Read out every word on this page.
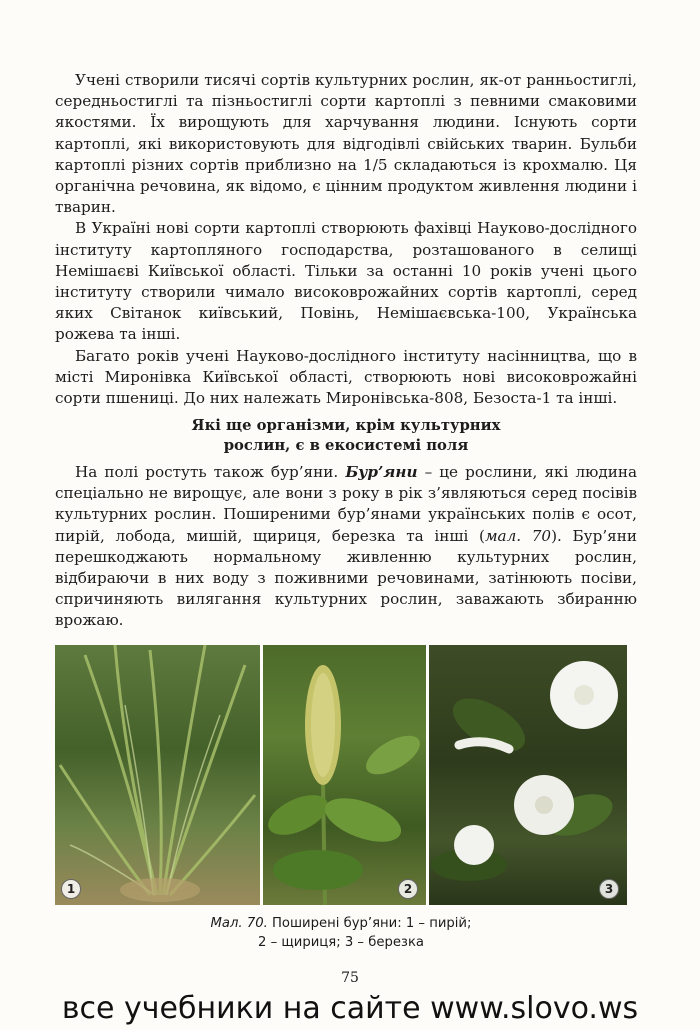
Учені створили тисячі сортів культурних рослин, як-от ранньостиглі, середньостиглі та пізньостиглі сорти картоплі з певними смаковими якостями. Їх вирощують для харчування людини. Існують сорти картоплі, які використовують для відгодівлі свійських тварин. Бульби картоплі різних сортів приблизно на 1/5 складаються із крохмалю. Ця органічна речовина, як відомо, є цінним продуктом живлення людини і тварин.

В Україні нові сорти картоплі створюють фахівці Науково-дослідного інституту картопляного господарства, розташованого в селищі Немішаєві Київської області. Тільки за останні 10 років учені цього інституту створили чимало високоврожайних сортів картоплі, серед яких Світанок київський, Повінь, Немішаєвська-100, Українська рожева та інші.

Багато років учені Науково-дослідного інституту насінництва, що в місті Миронівка Київської області, створюють нові високоврожайні сорти пшениці. До них належать Миронівська-808, Безоста-1 та інші.

Які ще організми, крім культурних
рослин, є в екосистемі поля

На полі ростуть також бур’яни. Бур’яни – це рослини, які людина спеціально не вирощує, але вони з року в рік з’являються серед посівів культурних рослин. Поширеними бур’янами українських полів є осот, пирій, лобода, мишій, щириця, березка та інші (мал. 70). Бур’яни перешкоджають нормальному живленню культурних рослин, відбираючи в них воду з поживними речовинами, затінюють посіви, спричиняють вилягання культурних рослин, заважають збиранню врожаю.

1	2	3
Мал. 70. Поширені бур’яни: 1 – пирій;
2 – щириця; 3 – березка
75
все учебники на сайте www.slovo.ws
